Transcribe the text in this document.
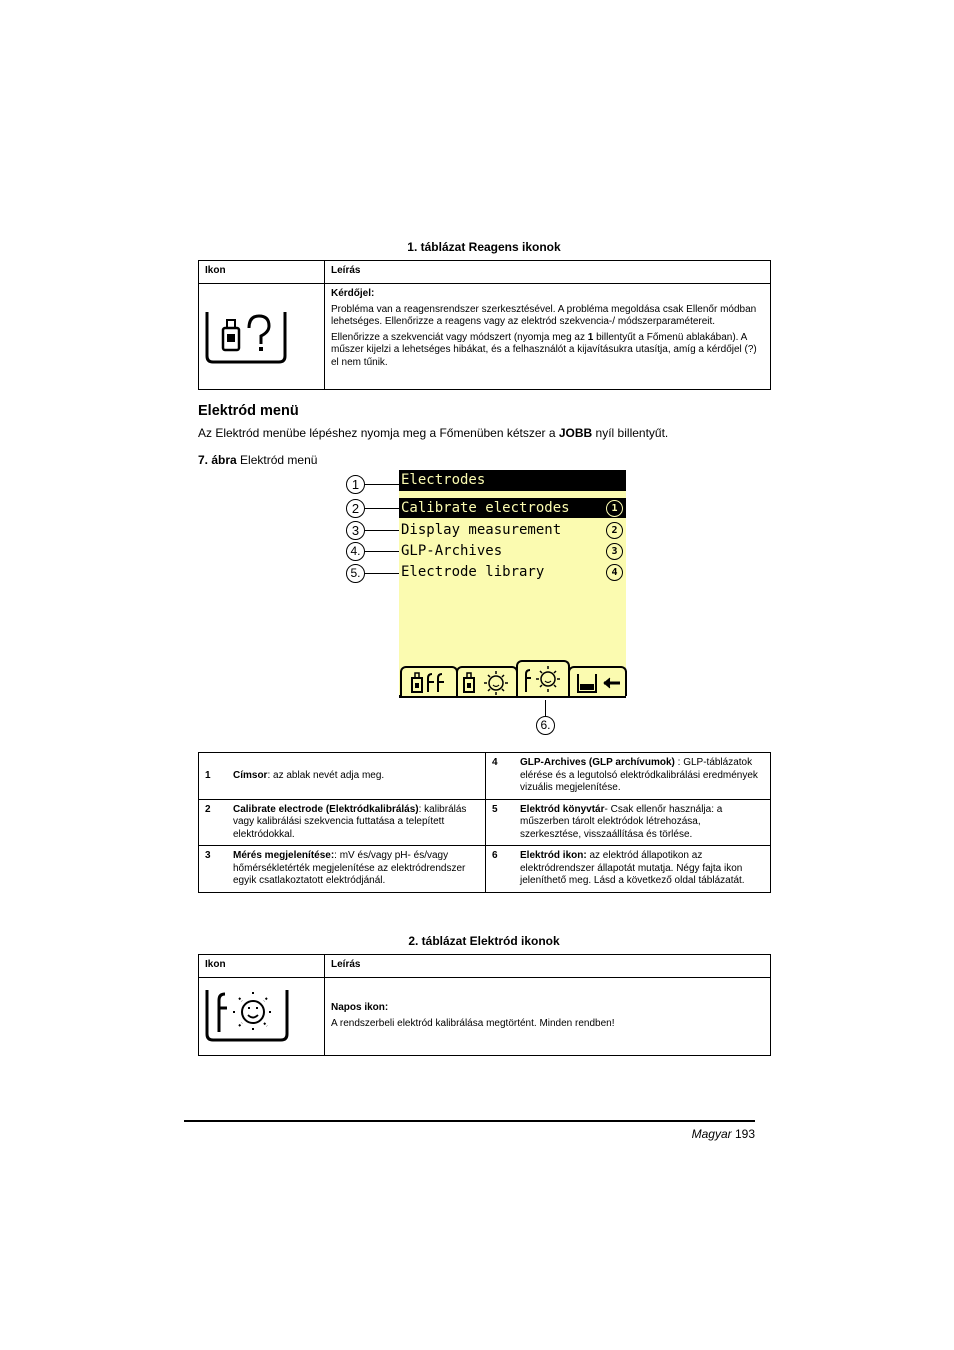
1. táblázat Reagens ikonok
Ikon	Leírás

Kérdőjel:

Probléma van a reagensrendszer szerkesztésével. A probléma megoldása csak Ellenőr módban lehetséges. Ellenőrizze a reagens vagy az elektród szekvencia-/ módszerparamétereit.

Ellenőrizze a szekvenciát vagy módszert (nyomja meg az 1 billentyűt a Főmenü ablakában). A műszer kijelzi a lehetséges hibákat, és a felhasználót a kijavításukra utasítja, amíg a kérdőjel (?) el nem tűnik.

Elektród menü
Az Elektród menübe lépéshez nyomja meg a Főmenüben kétszer a JOBB nyíl billentyűt.
7. ábra Elektród menü
1
2
3
4.
5.
6.
Electrodes
Calibrate electrodes	1
Display measurement	2
GLP-Archives	3
Electrode library	4
1 Címsor: az ablak nevét adja meg.	4 GLP-Archives (GLP archívumok) : GLP-táblázatok elérése és a legutolsó elektródkalibrálási eredmények vizuális megjelenítése.

2 Calibrate electrode (Elektródkalibrálás): kalibrálás vagy kalibrálási szekvencia futtatása a telepített elektródokkal.	5 Elektród könyvtár- Csak ellenőr használja: a műszerben tárolt elektródok létrehozása, szerkesztése, visszaállítása és törlése.

3 Mérés megjelenítése:: mV és/vagy pH- és/vagy hőmérsékletérték megjelenítése az elektródrendszer egyik csatlakoztatott elektródjánál.	6 Elektród ikon: az elektród állapotikon az elektródrendszer állapotát mutatja. Négy fajta ikon jeleníthető meg. Lásd a következő oldal táblázatát.
2. táblázat Elektród ikonok
Ikon	Leírás

Napos ikon:

A rendszerbeli elektród kalibrálása megtörtént. Minden rendben!

Magyar 193
